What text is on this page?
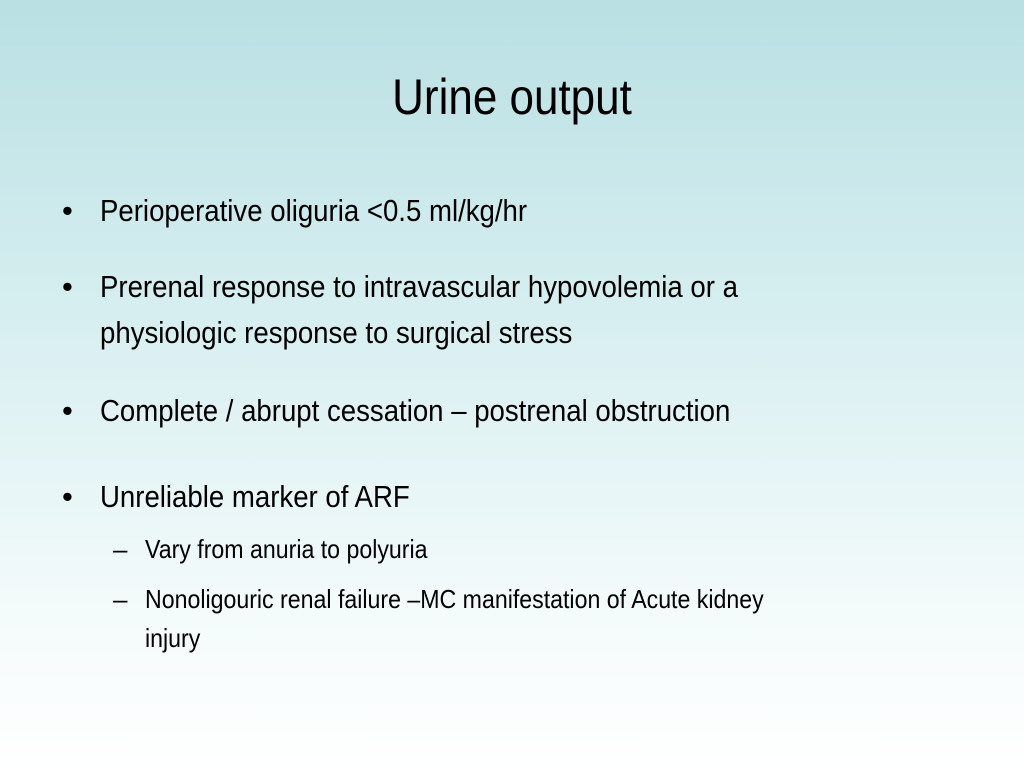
Urine output
• Perioperative oliguria <0.5 ml/kg/hr
• Prerenal response to intravascular hypovolemia or a
physiologic response to surgical stress
• Complete / abrupt cessation – postrenal obstruction
• Unreliable marker of ARF
– Vary from anuria to polyuria
– Nonoligouric renal failure –MC manifestation of Acute kidney
injury
